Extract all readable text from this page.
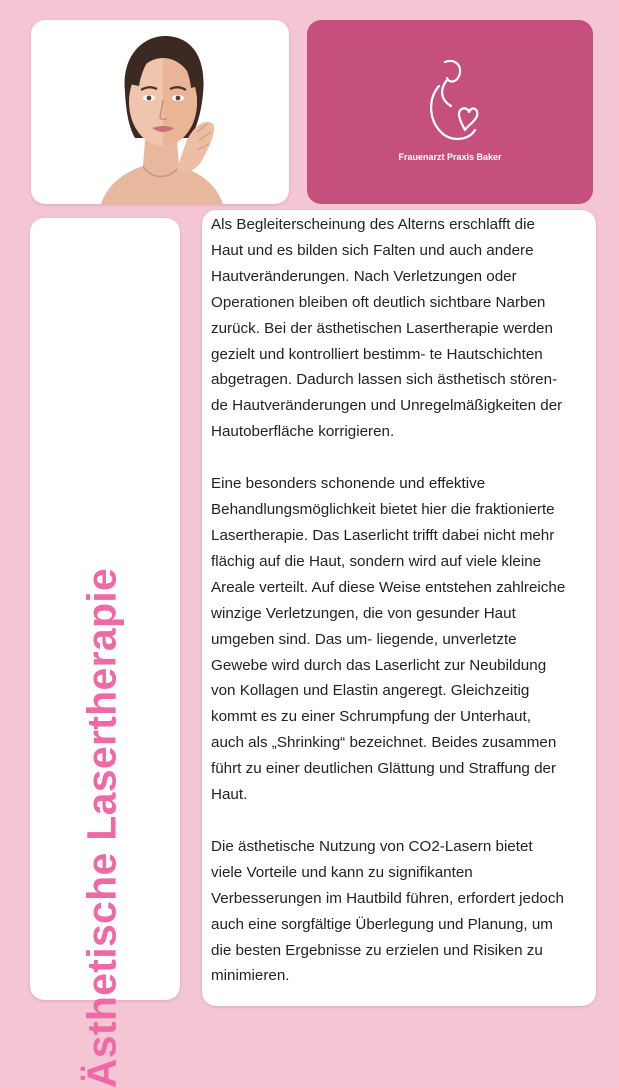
Frauenarzt Praxis Baker
Ästhetische Lasertherapie
Als Begleiterscheinung des Alterns erschlafft die
Haut und es bilden sich Falten und auch andere
Hautveränderungen. Nach Verletzungen oder
Operationen bleiben oft deutlich sichtbare Narben
zurück. Bei der ästhetischen Lasertherapie werden
gezielt und kontrolliert bestimm- te Hautschichten
abgetragen. Dadurch lassen sich ästhetisch stören-
de Hautveränderungen und Unregelmäßigkeiten der
Hautoberfläche korrigieren.
Eine besonders schonende und effektive
Behandlungsmöglichkeit bietet hier die fraktionierte
Lasertherapie. Das Laserlicht trifft dabei nicht mehr
flächig auf die Haut, sondern wird auf viele kleine
Areale verteilt. Auf diese Weise entstehen zahlreiche
winzige Verletzungen, die von gesunder Haut
umgeben sind. Das um- liegende, unverletzte
Gewebe wird durch das Laserlicht zur Neubildung
von Kollagen und Elastin angeregt. Gleichzeitig
kommt es zu einer Schrumpfung der Unterhaut,
auch als „Shrinking“ bezeichnet. Beides zusammen
führt zu einer deutlichen Glättung und Straffung der
Haut.
Die ästhetische Nutzung von CO2-Lasern bietet
viele Vorteile und kann zu signifikanten
Verbesserungen im Hautbild führen, erfordert jedoch
auch eine sorgfältige Überlegung und Planung, um
die besten Ergebnisse zu erzielen und Risiken zu
minimieren.
